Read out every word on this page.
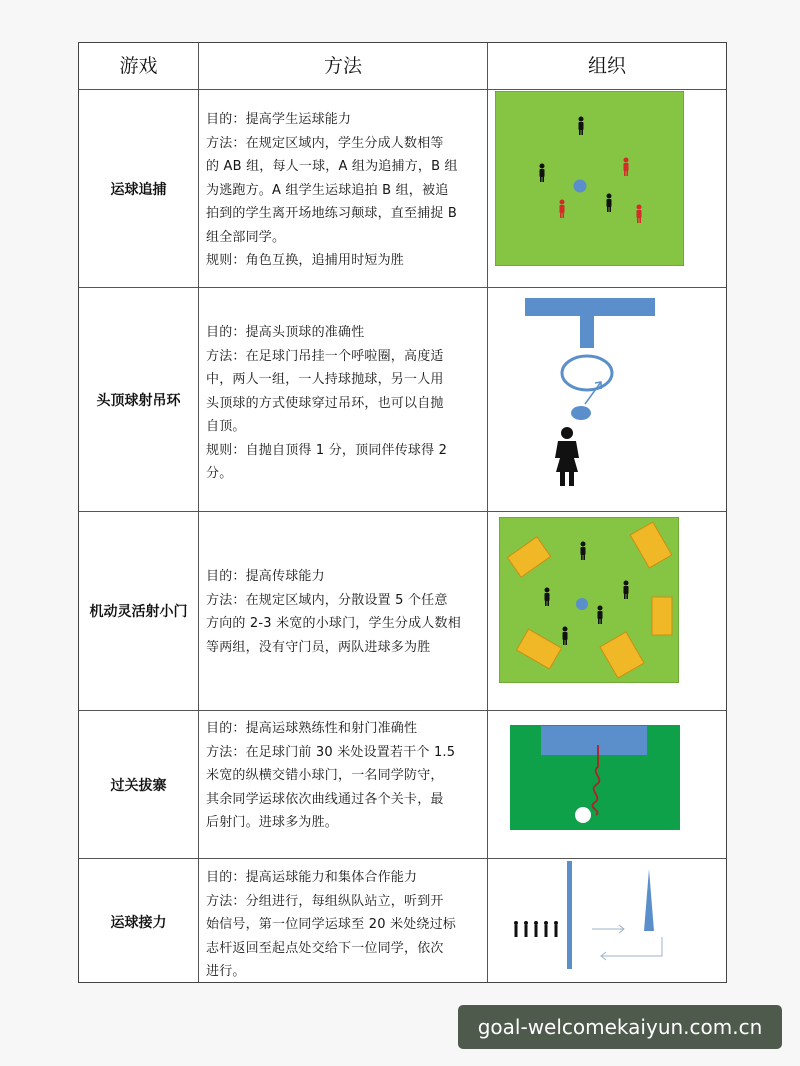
游戏	方法	组织
运球追捕

目的：提高学生运球能力

方法：在规定区域内，学生分成人数相等

的 AB 组，每人一球，A 组为追捕方，B 组

为逃跑方。A 组学生运球追拍 B 组，被追

拍到的学生离开场地练习颠球，直至捕捉 B

组全部同学。

规则：角色互换，追捕用时短为胜

头顶球射吊环

目的：提高头顶球的准确性

方法：在足球门吊挂一个呼啦圈，高度适

中，两人一组，一人持球抛球，另一人用

头顶球的方式使球穿过吊环，也可以自抛

自顶。

规则：自抛自顶得 1 分，顶同伴传球得 2

分。

机动灵活射小门

目的：提高传球能力

方法：在规定区域内，分散设置 5 个任意

方向的 2-3 米宽的小球门，学生分成人数相

等两组，没有守门员，两队进球多为胜

过关拔寨

目的：提高运球熟练性和射门准确性

方法：在足球门前 30 米处设置若干个 1.5

米宽的纵横交错小球门，一名同学防守，

其余同学运球依次曲线通过各个关卡，最

后射门。进球多为胜。

运球接力

目的：提高运球能力和集体合作能力

方法：分组进行，每组纵队站立，听到开

始信号，第一位同学运球至 20 米处绕过标

志杆返回至起点处交给下一位同学，依次

进行。

goal-welcomekaiyun.com.cn
